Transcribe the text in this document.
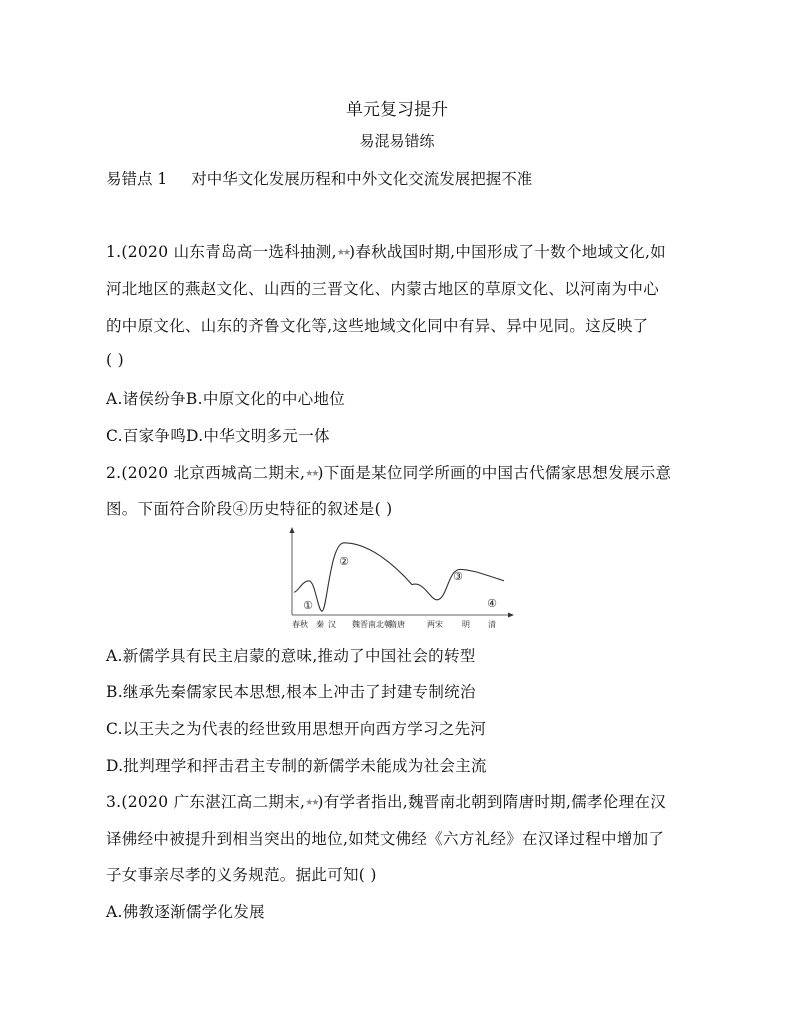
单元复习提升
易混易错练
易错点 1 对中华文化发展历程和中外文化交流发展把握不准
1.(2020 山东青岛高一选科抽测,★★)春秋战国时期,中国形成了十数个地域文化,如
河北地区的燕赵文化、山西的三晋文化、内蒙古地区的草原文化、以河南为中心
的中原文化、山东的齐鲁文化等,这些地域文化同中有异、异中见同。这反映了
( )
A.诸侯纷争B.中原文化的中心地位
C.百家争鸣D.中华文明多元一体
2.(2020 北京西城高二期末,★★)下面是某位同学所画的中国古代儒家思想发展示意
图。下面符合阶段④历史特征的叙述是( )
①
②
③
④
春秋 秦 汉 魏晋南北朝
隋唐	两宋 明 清
A.新儒学具有民主启蒙的意味,推动了中国社会的转型
B.继承先秦儒家民本思想,根本上冲击了封建专制统治
C.以王夫之为代表的经世致用思想开向西方学习之先河
D.批判理学和抨击君主专制的新儒学未能成为社会主流
3.(2020 广东湛江高二期末,★★)有学者指出,魏晋南北朝到隋唐时期,儒孝伦理在汉
译佛经中被提升到相当突出的地位,如梵文佛经《六方礼经》在汉译过程中增加了
子女事亲尽孝的义务规范。据此可知( )
A.佛教逐渐儒学化发展
